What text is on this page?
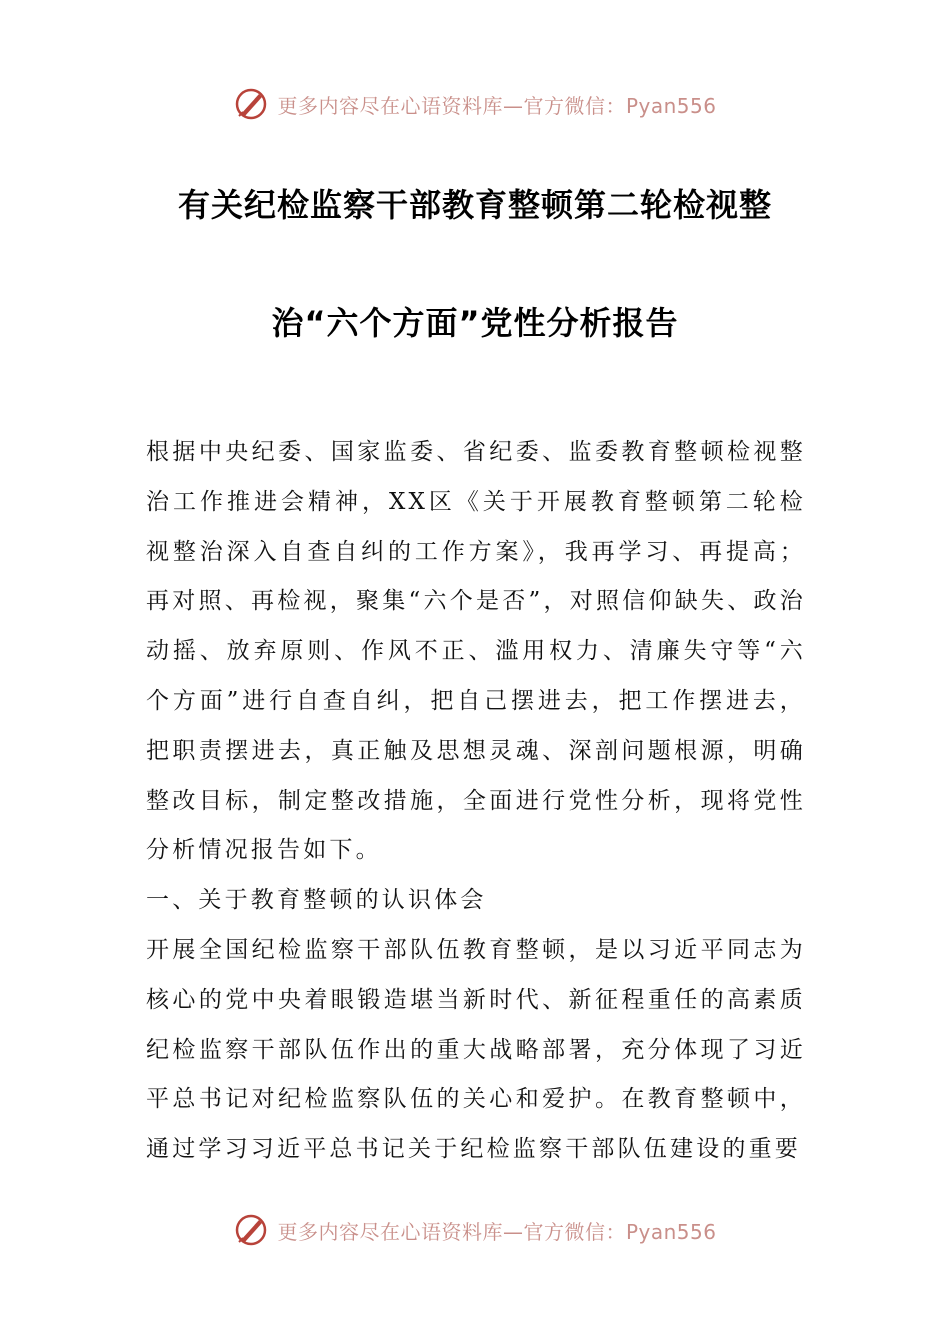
更多内容尽在心语资料库—官方微信：Pyan556
有关纪检监察干部教育整顿第二轮检视整
治“六个方面”党性分析报告

根据中央纪委、国家监委、省纪委、监委教育整顿检视整治工作推进会精神，XX区《关于开展教育整顿第二轮检视整治深入自查自纠的工作方案》，我再学习、再提高；再对照、再检视，聚集“六个是否”，对照信仰缺失、政治动摇、放弃原则、作风不正、滥用权力、清廉失守等“六个方面”进行自查自纠，把自己摆进去，把工作摆进去，把职责摆进去，真正触及思想灵魂、深剖问题根源，明确整改目标，制定整改措施，全面进行党性分析，现将党性分析情况报告如下。

一、关于教育整顿的认识体会

开展全国纪检监察干部队伍教育整顿，是以习近平同志为核心的党中央着眼锻造堪当新时代、新征程重任的高素质纪检监察干部队伍作出的重大战略部署，充分体现了习近平总书记对纪检监察队伍的关心和爱护。在教育整顿中，通过学习习近平总书记关于纪检监察干部队伍建设的重要

更多内容尽在心语资料库—官方微信：Pyan556
